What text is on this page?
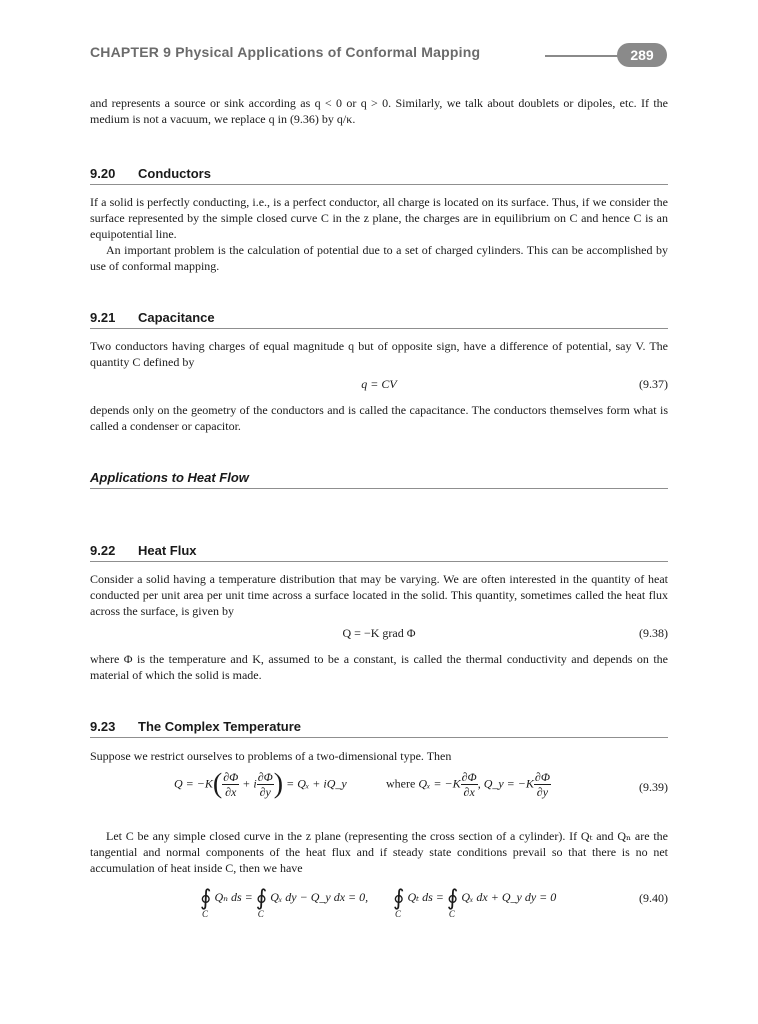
CHAPTER 9 Physical Applications of Conformal Mapping	289

and represents a source or sink according as q < 0 or q > 0. Similarly, we talk about doublets or dipoles, etc. If the medium is not a vacuum, we replace q in (9.36) by q/κ.

9.20 Conductors

If a solid is perfectly conducting, i.e., is a perfect conductor, all charge is located on its surface. Thus, if we consider the surface represented by the simple closed curve C in the z plane, the charges are in equilibrium on C and hence C is an equipotential line.

An important problem is the calculation of potential due to a set of charged cylinders. This can be accomplished by use of conformal mapping.

9.21 Capacitance

Two conductors having charges of equal magnitude q but of opposite sign, have a difference of potential, say V. The quantity C defined by

q = CV	(9.37)

depends only on the geometry of the conductors and is called the capacitance. The conductors themselves form what is called a condenser or capacitor.

Applications to Heat Flow
9.22 Heat Flux

Consider a solid having a temperature distribution that may be varying. We are often interested in the quantity of heat conducted per unit area per unit time across a surface located in the solid. This quantity, sometimes called the heat flux across the surface, is given by

Q = −K grad Φ	(9.38)

where Φ is the temperature and K, assumed to be a constant, is called the thermal conductivity and depends on the material of which the solid is made.

9.23 The Complex Temperature

Suppose we restrict ourselves to problems of a two-dimensional type. Then

$Q = -K( \frac{\partial\Phi}{\partial x} + i \frac{\partial\Phi}{\partial y}$ ) = Qₓ + iQ_y	where $Q_x = -K \frac{\partial\Phi}{\partial x}$ , Q_y = $-K \frac{\partial\Phi}{\partial y}$	(9.39)

Let C be any simple closed curve in the z plane (representing the cross section of a cylinder). If Qₜ and Qₙ are the tangential and normal components of the heat flux and if steady state conditions prevail so that there is no net accumulation of heat inside C, then we have

∮
C
Qₙ ds = ∮
C
Qₓ dy − Q_y dx = 0, ∮
C
Qₜ ds = ∮
C
Qₓ dx + Q_y dy = 0	(9.40)
